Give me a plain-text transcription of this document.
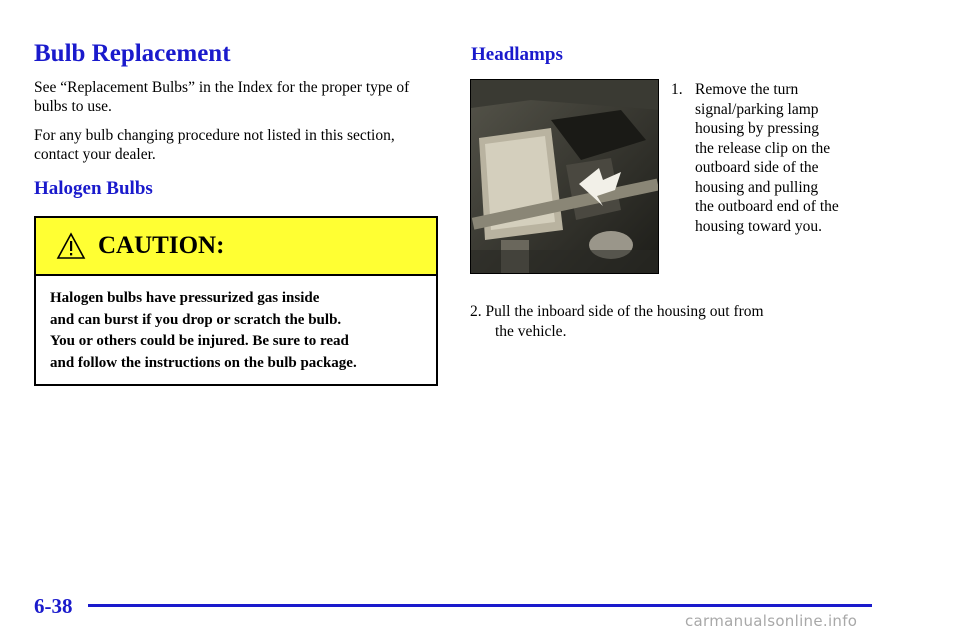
Bulb Replacement

See “Replacement Bulbs” in the Index for the proper type of bulbs to use.

For any bulb changing procedure not listed in this section, contact your dealer.

Halogen Bulbs
CAUTION:
Halogen bulbs have pressurized gas inside
and can burst if you drop or scratch the bulb.
You or others could be injured. Be sure to read
and follow the instructions on the bulb package.
Headlamps
1. Remove the turn
signal/parking lamp
housing by pressing
the release clip on the
outboard side of the
housing and pulling
the outboard end of the
housing toward you.
2. Pull the inboard side of the housing out from
the vehicle.
6-38
carmanualsonline.info
